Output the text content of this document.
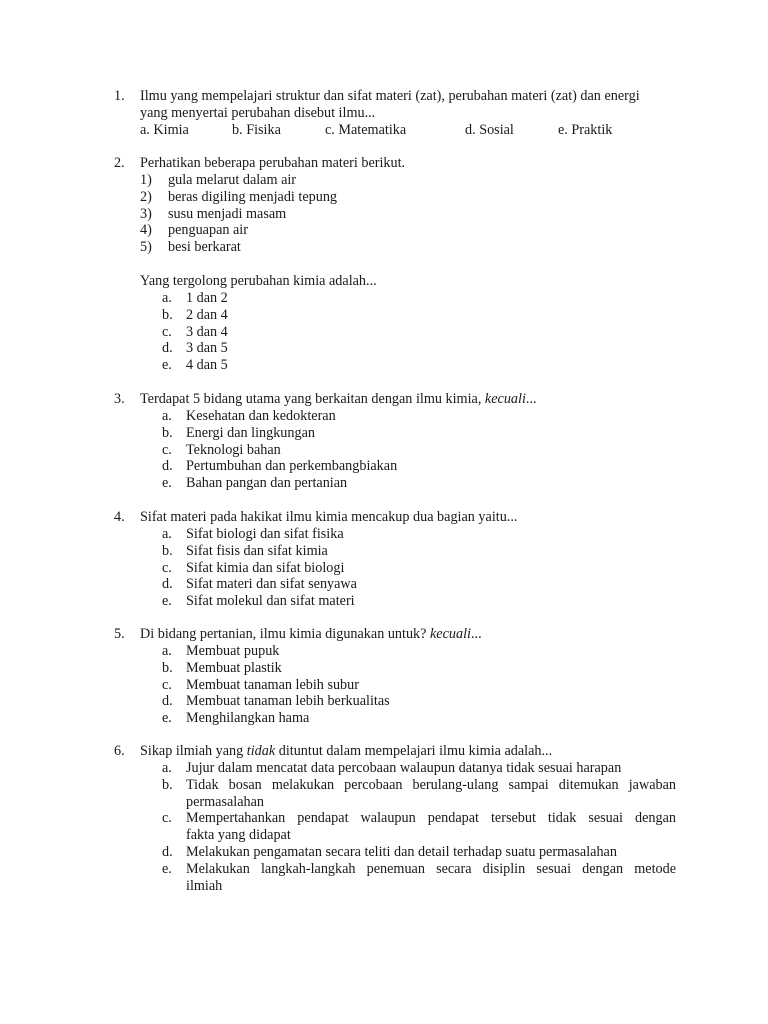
1. Ilmu yang mempelajari struktur dan sifat materi (zat), perubahan materi (zat) dan energi
yang menyertai perubahan disebut ilmu...
a. Kimia	b. Fisika	c. Matematika	d. Sosial	e. Praktik
2. Perhatikan beberapa perubahan materi berikut.
1) gula melarut dalam air
2) beras digiling menjadi tepung
3) susu menjadi masam
4) penguapan air
5) besi berkarat
Yang tergolong perubahan kimia adalah...
a. 1 dan 2
b. 2 dan 4
c. 3 dan 4
d. 3 dan 5
e. 4 dan 5
3. Terdapat 5 bidang utama yang berkaitan dengan ilmu kimia, kecuali...
a. Kesehatan dan kedokteran
b. Energi dan lingkungan
c. Teknologi bahan
d. Pertumbuhan dan perkembangbiakan
e. Bahan pangan dan pertanian
4. Sifat materi pada hakikat ilmu kimia mencakup dua bagian yaitu...
a. Sifat biologi dan sifat fisika
b. Sifat fisis dan sifat kimia
c. Sifat kimia dan sifat biologi
d. Sifat materi dan sifat senyawa
e. Sifat molekul dan sifat materi
5. Di bidang pertanian, ilmu kimia digunakan untuk? kecuali...
a. Membuat pupuk
b. Membuat plastik
c. Membuat tanaman lebih subur
d. Membuat tanaman lebih berkualitas
e. Menghilangkan hama
6. Sikap ilmiah yang tidak dituntut dalam mempelajari ilmu kimia adalah...
a. Jujur dalam mencatat data percobaan walaupun datanya tidak sesuai harapan
b. Tidak bosan melakukan percobaan berulang-ulang sampai ditemukan jawaban
permasalahan
c. Mempertahankan pendapat walaupun pendapat tersebut tidak sesuai dengan
fakta yang didapat
d. Melakukan pengamatan secara teliti dan detail terhadap suatu permasalahan
e. Melakukan langkah-langkah penemuan secara disiplin sesuai dengan metode
ilmiah
